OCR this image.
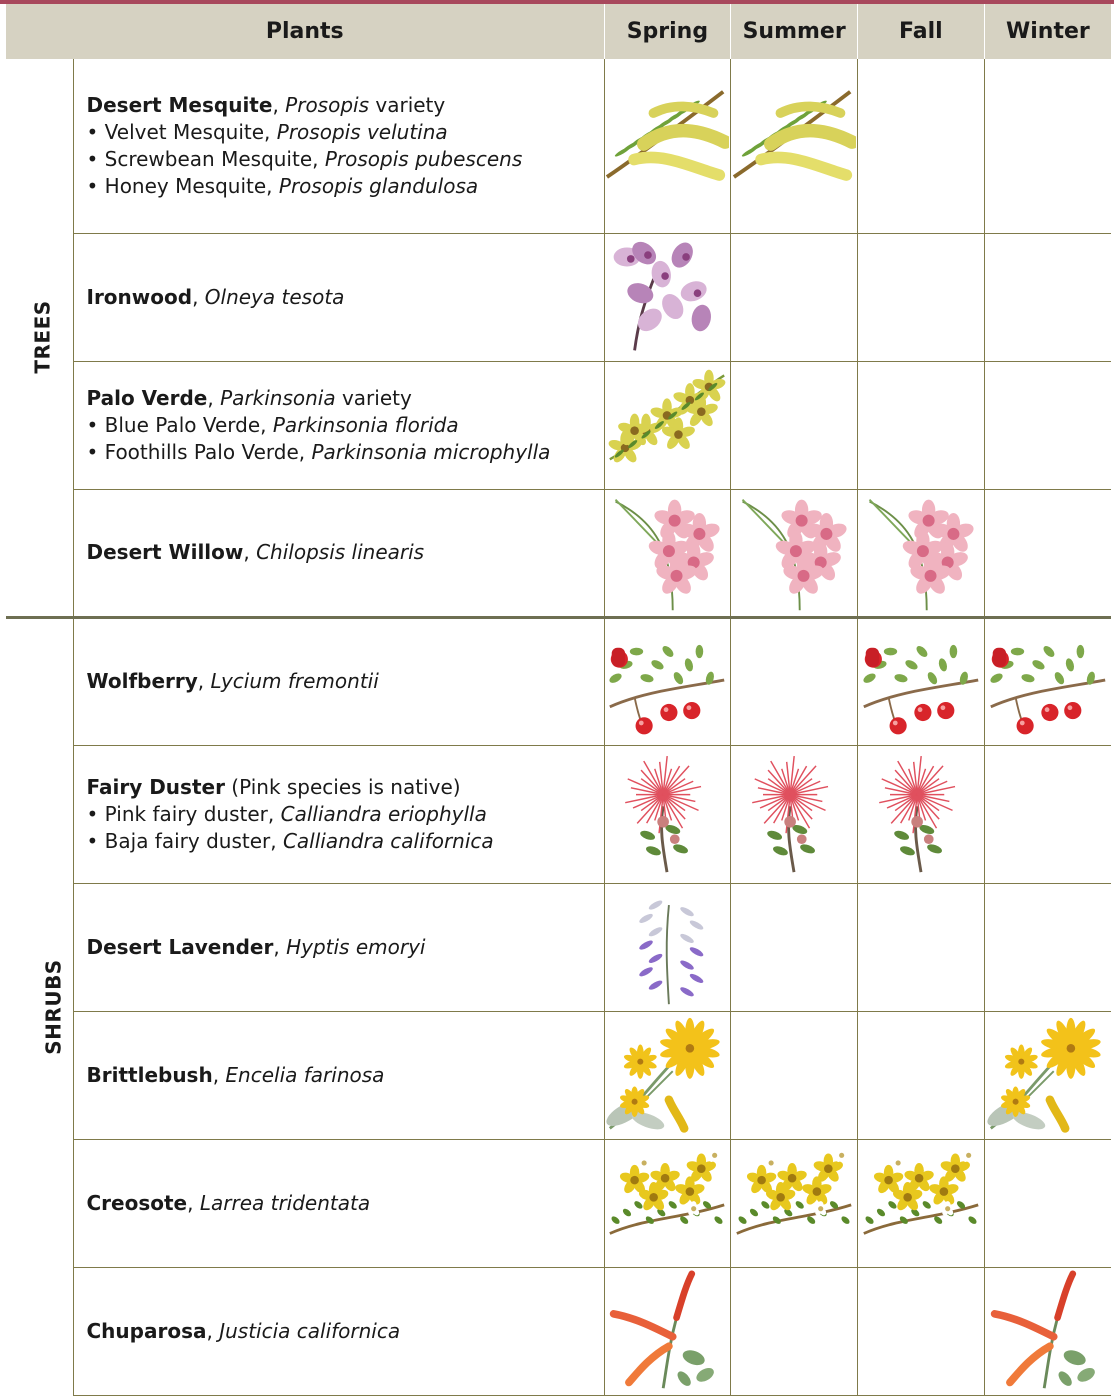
Plants		Spring	Summer	Fall	Winter
TREES	Desert Mesquite, Prosopis variety
• Velvet Mesquite, Prosopis velutina
• Screwbean Mesquite, Prosopis pubescens
• Honey Mesquite, Prosopis glandulosa

	Ironwood, Olneya tesota	

	Palo Verde, Parkinsonia variety
• Blue Palo Verde, Parkinsonia florida
• Foothills Palo Verde, Parkinsonia microphylla

	Desert Willow, Chilopsis linearis	

SHRUBS	Wolfberry, Lycium fremontii	

	Fairy Duster (Pink species is native)
• Pink fairy duster, Calliandra eriophylla
• Baja fairy duster, Calliandra californica

	Desert Lavender, Hyptis emoryi	

	Brittlebush, Encelia farinosa	

	Creosote, Larrea tridentata	

	Chuparosa, Justicia californica	
